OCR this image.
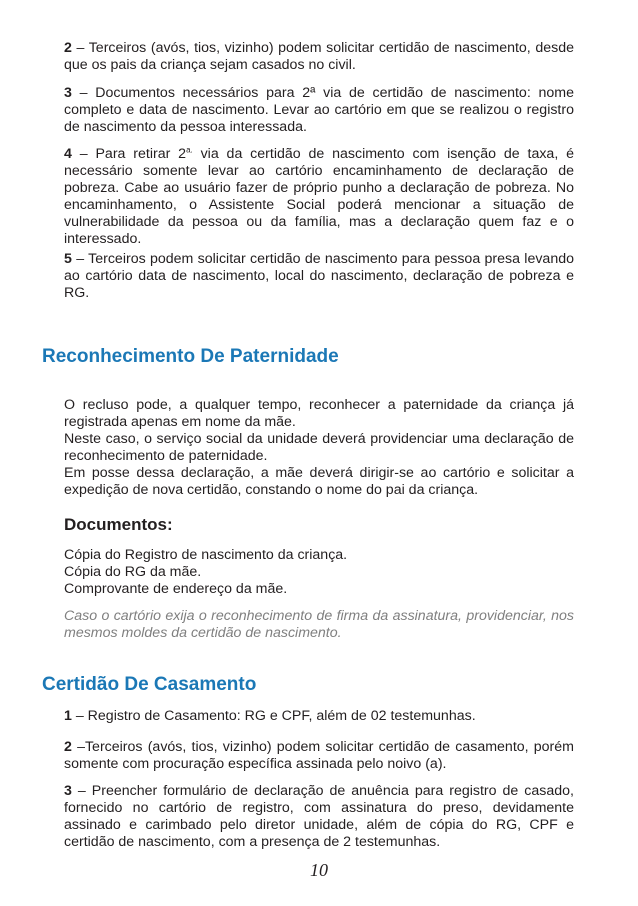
2 – Terceiros (avós, tios, vizinho) podem solicitar certidão de nascimento, desde que os pais da criança sejam casados no civil.

3 – Documentos necessários para 2ª via de certidão de nascimento: nome completo e data de nascimento. Levar ao cartório em que se realizou o registro de nascimento da pessoa interessada.

4 – Para retirar $2^{a.}$ via da certidão de nascimento com isenção de taxa, é necessário somente levar ao cartório encaminhamento de declaração de pobreza. Cabe ao usuário fazer de próprio punho a declaração de pobreza. No encaminhamento, o Assistente Social poderá mencionar a situação de vulnerabilidade da pessoa ou da família, mas a declaração quem faz e o interessado.

5 – Terceiros podem solicitar certidão de nascimento para pessoa presa levando ao cartório data de nascimento, local do nascimento, declaração de pobreza e RG.

Reconhecimento De Paternidade

O recluso pode, a qualquer tempo, reconhecer a paternidade da criança já registrada apenas em nome da mãe.
Neste caso, o serviço social da unidade deverá providenciar uma declaração de reconhecimento de paternidade.
Em posse dessa declaração, a mãe deverá dirigir-se ao cartório e solicitar a expedição de nova certidão, constando o nome do pai da criança.

Documentos:

Cópia do Registro de nascimento da criança.
Cópia do RG da mãe.
Comprovante de endereço da mãe.

Caso o cartório exija o reconhecimento de firma da assinatura, providenciar, nos mesmos moldes da certidão de nascimento.

Certidão De Casamento

1 – Registro de Casamento: RG e CPF, além de 02 testemunhas.

2 –Terceiros (avós, tios, vizinho) podem solicitar certidão de casamento, porém somente com procuração específica assinada pelo noivo (a).

3 – Preencher formulário de declaração de anuência para registro de casado, fornecido no cartório de registro, com assinatura do preso, devidamente assinado e carimbado pelo diretor unidade, além de cópia do RG, CPF e certidão de nascimento, com a presença de 2 testemunhas.

10
